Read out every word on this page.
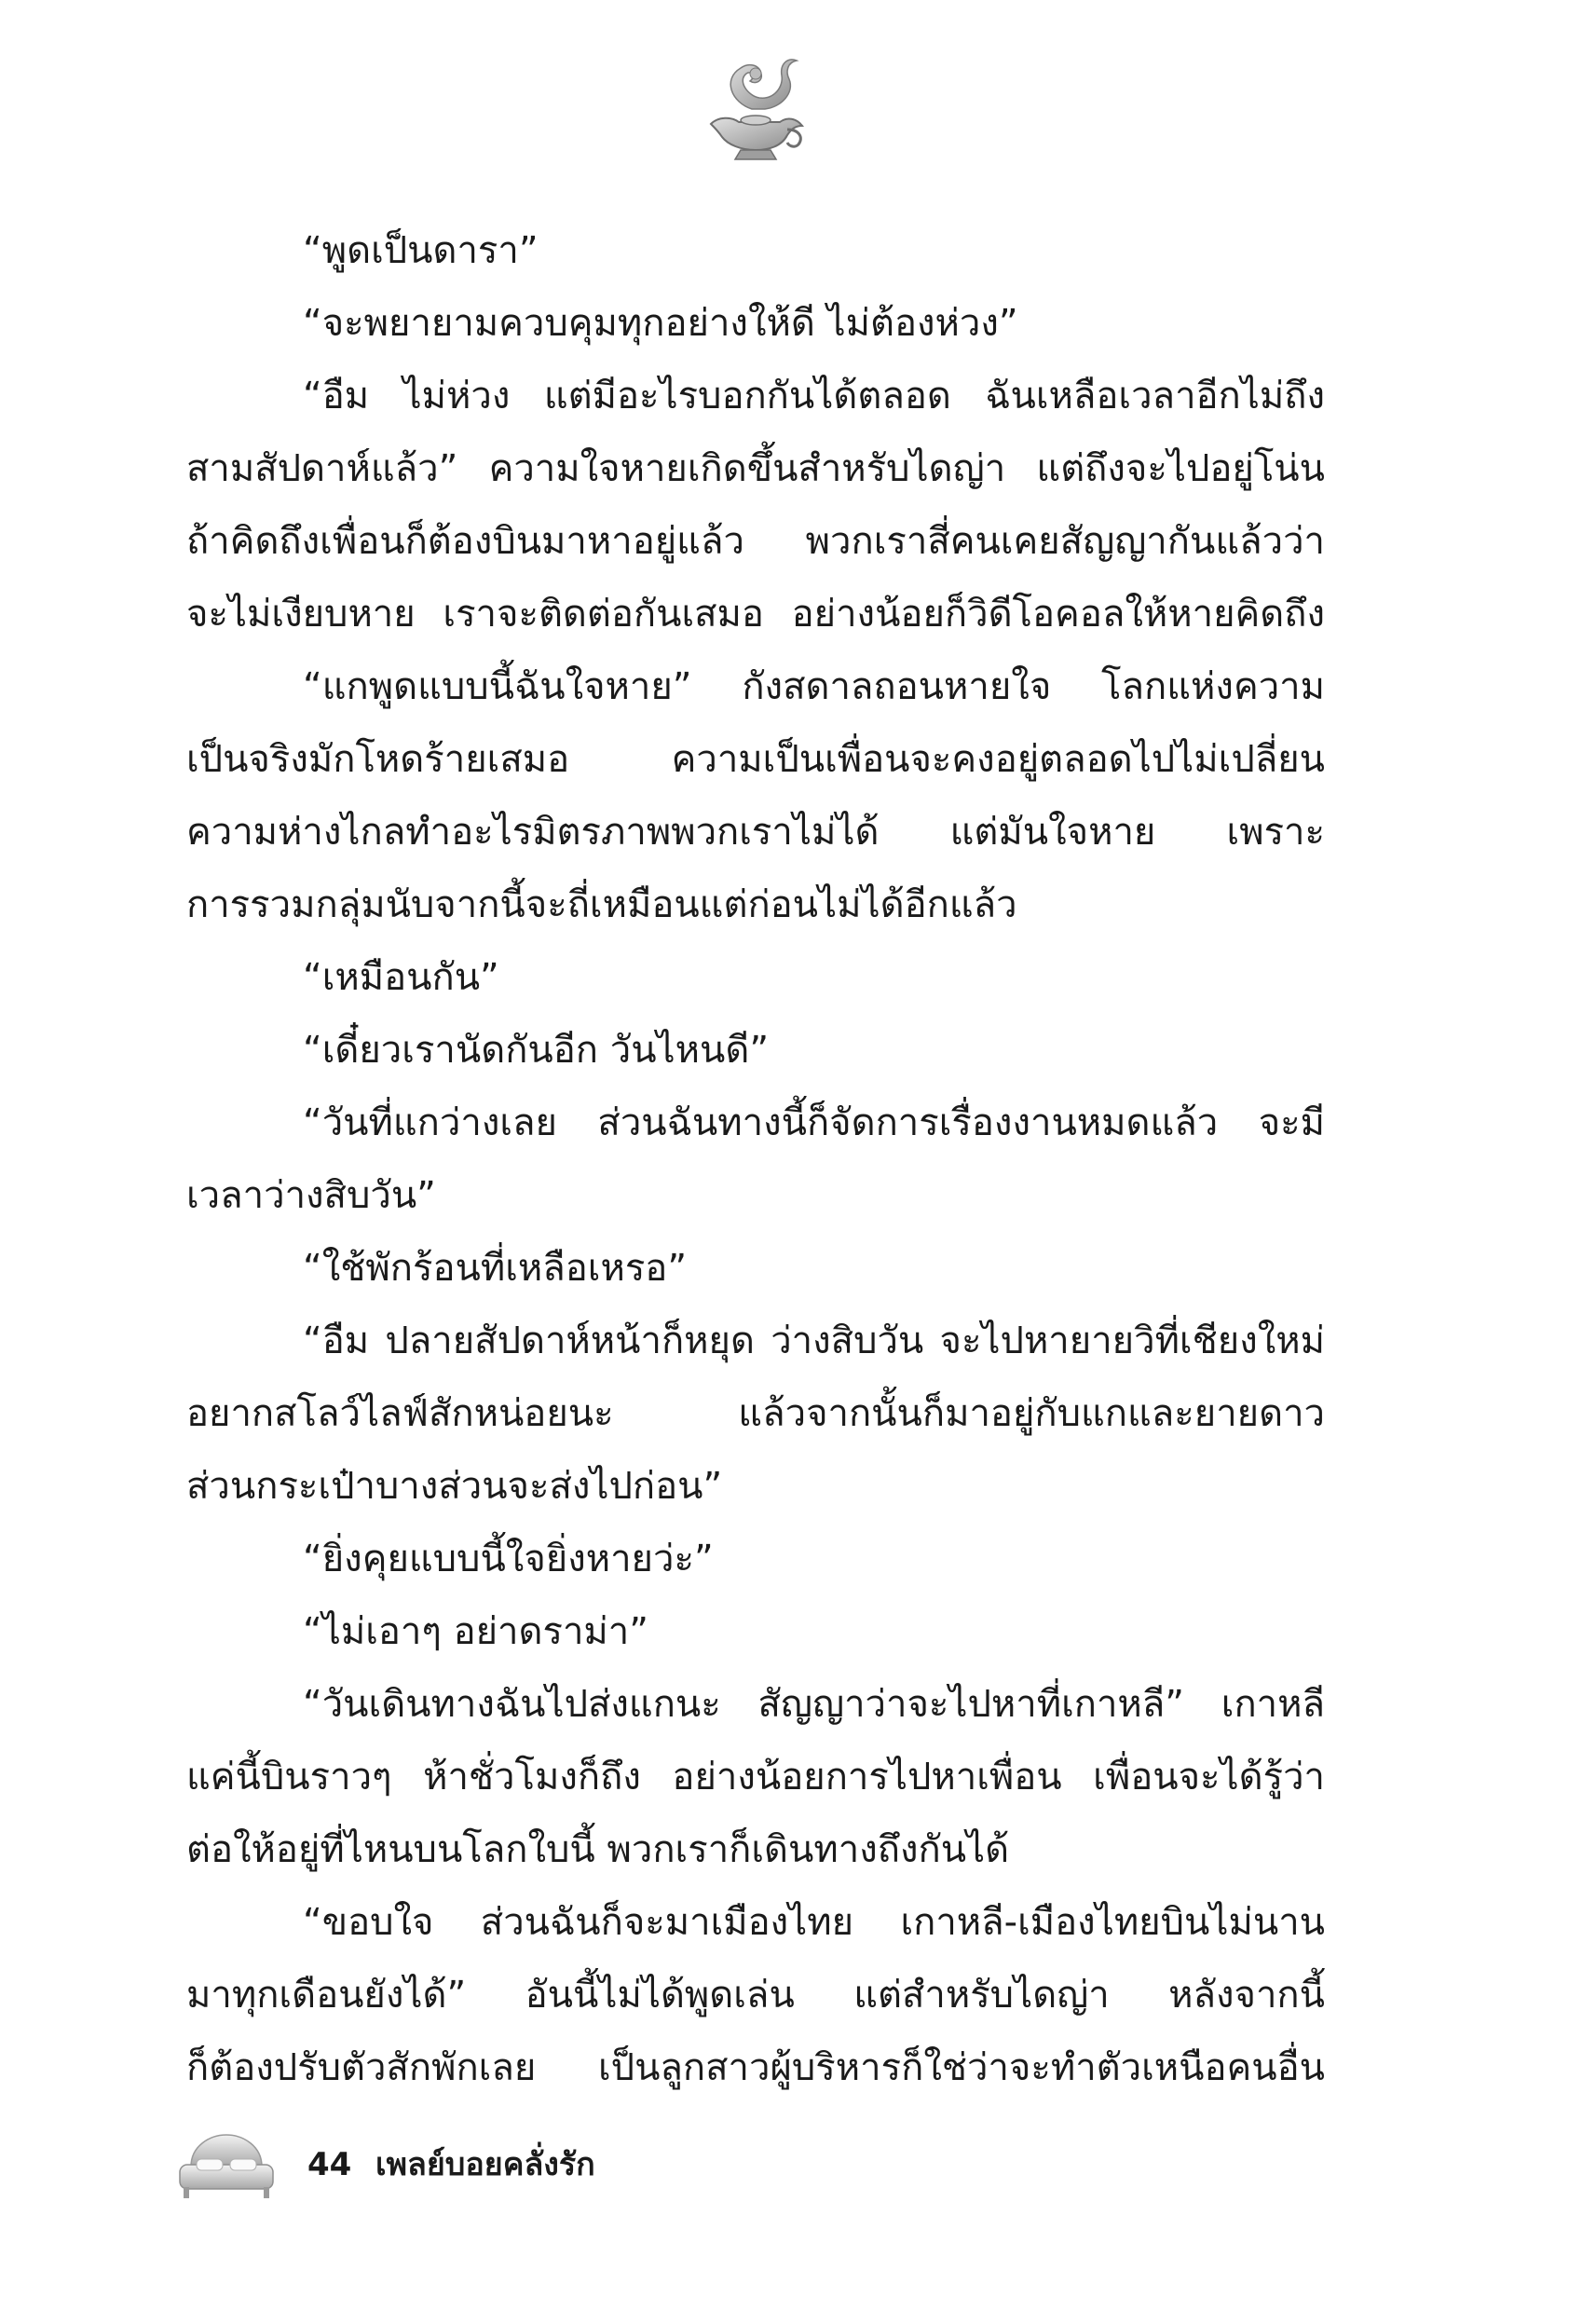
“พูดเป็นดารา”
“จะพยายามควบคุมทุกอย่างให้ดี ไม่ต้องห่วง”
“อืม ไม่ห่วง แต่มีอะไรบอกกันได้ตลอด ฉันเหลือเวลาอีกไม่ถึง
สามสัปดาห์แล้ว” ความใจหายเกิดขึ้นสำหรับไดญ่า แต่ถึงจะไปอยู่โน่น
ถ้าคิดถึงเพื่อนก็ต้องบินมาหาอยู่แล้ว พวกเราสี่คนเคยสัญญากันแล้วว่า
จะไม่เงียบหาย เราจะติดต่อกันเสมอ อย่างน้อยก็วิดีโอคอลให้หายคิดถึง
“แกพูดแบบนี้ฉันใจหาย” กังสดาลถอนหายใจ โลกแห่งความ
เป็นจริงมักโหดร้ายเสมอ ความเป็นเพื่อนจะคงอยู่ตลอดไปไม่เปลี่ยน
ความห่างไกลทำอะไรมิตรภาพพวกเราไม่ได้ แต่มันใจหาย เพราะ
การรวมกลุ่มนับจากนี้จะถี่เหมือนแต่ก่อนไม่ได้อีกแล้ว
“เหมือนกัน”
“เดี๋ยวเรานัดกันอีก วันไหนดี”
“วันที่แกว่างเลย ส่วนฉันทางนี้ก็จัดการเรื่องงานหมดแล้ว จะมี
เวลาว่างสิบวัน”
“ใช้พักร้อนที่เหลือเหรอ”
“อืม ปลายสัปดาห์หน้าก็หยุด ว่างสิบวัน จะไปหายายวิที่เชียงใหม่
อยากสโลว์ไลฟ์สักหน่อยนะ แล้วจากนั้นก็มาอยู่กับแกและยายดาว
ส่วนกระเป๋าบางส่วนจะส่งไปก่อน”
“ยิ่งคุยแบบนี้ใจยิ่งหายว่ะ”
“ไม่เอาๆ อย่าดราม่า”
“วันเดินทางฉันไปส่งแกนะ สัญญาว่าจะไปหาที่เกาหลี” เกาหลี
แค่นี้บินราวๆ ห้าชั่วโมงก็ถึง อย่างน้อยการไปหาเพื่อน เพื่อนจะได้รู้ว่า
ต่อให้อยู่ที่ไหนบนโลกใบนี้ พวกเราก็เดินทางถึงกันได้
“ขอบใจ ส่วนฉันก็จะมาเมืองไทย เกาหลี-เมืองไทยบินไม่นาน
มาทุกเดือนยังได้” อันนี้ไม่ได้พูดเล่น แต่สำหรับไดญ่า หลังจากนี้
ก็ต้องปรับตัวสักพักเลย เป็นลูกสาวผู้บริหารก็ใช่ว่าจะทำตัวเหนือคนอื่น
44 เพลย์บอยคลั่งรัก
